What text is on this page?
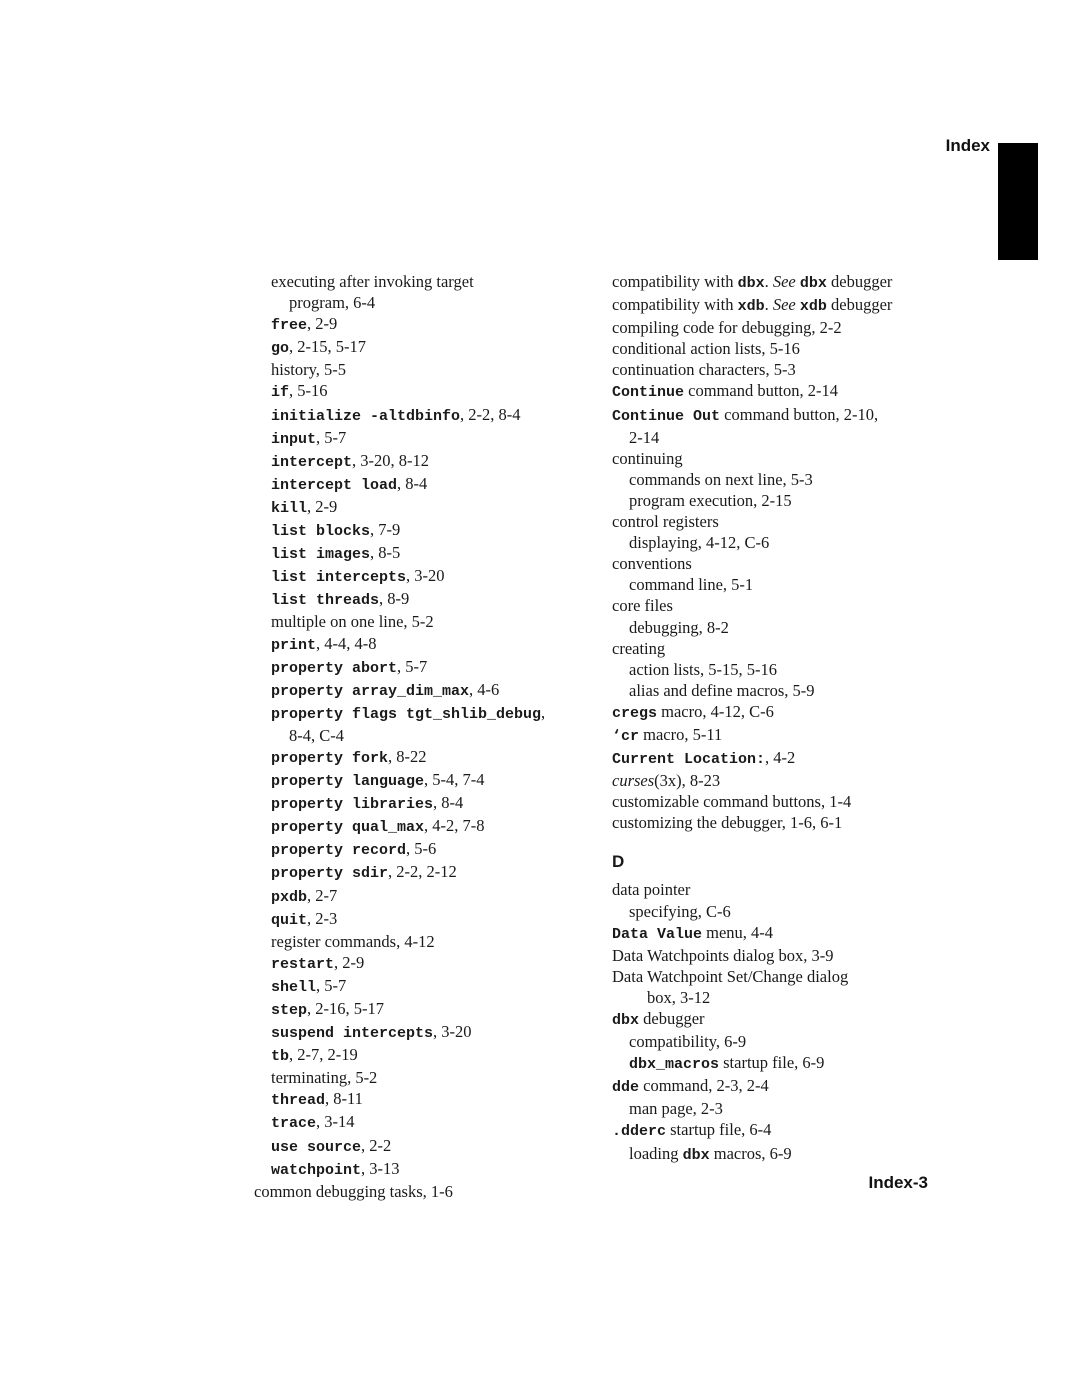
Index
executing after invoking target
program, 6-4
free, 2-9
go, 2-15, 5-17
history, 5-5
if, 5-16
initialize -altdbinfo, 2-2, 8-4
input, 5-7
intercept, 3-20, 8-12
intercept load, 8-4
kill, 2-9
list blocks, 7-9
list images, 8-5
list intercepts, 3-20
list threads, 8-9
multiple on one line, 5-2
print, 4-4, 4-8
property abort, 5-7
property array_dim_max, 4-6
property flags tgt_shlib_debug,
8-4, C-4
property fork, 8-22
property language, 5-4, 7-4
property libraries, 8-4
property qual_max, 4-2, 7-8
property record, 5-6
property sdir, 2-2, 2-12
pxdb, 2-7
quit, 2-3
register commands, 4-12
restart, 2-9
shell, 5-7
step, 2-16, 5-17
suspend intercepts, 3-20
tb, 2-7, 2-19
terminating, 5-2
thread, 8-11
trace, 3-14
use source, 2-2
watchpoint, 3-13
common debugging tasks, 1-6
compatibility with dbx. See dbx debugger
compatibility with xdb. See xdb debugger
compiling code for debugging, 2-2
conditional action lists, 5-16
continuation characters, 5-3
Continue command button, 2-14
Continue Out command button, 2-10,
2-14
continuing
commands on next line, 5-3
program execution, 2-15
control registers
displaying, 4-12, C-6
conventions
command line, 5-1
core files
debugging, 8-2
creating
action lists, 5-15, 5-16
alias and define macros, 5-9
cregs macro, 4-12, C-6
‘cr macro, 5-11
Current Location:, 4-2
curses(3x), 8-23
customizable command buttons, 1-4
customizing the debugger, 1-6, 6-1
D
data pointer
specifying, C-6
Data Value menu, 4-4
Data Watchpoints dialog box, 3-9
Data Watchpoint Set/Change dialog
box, 3-12
dbx debugger
compatibility, 6-9
dbx_macros startup file, 6-9
dde command, 2-3, 2-4
man page, 2-3
.dderc startup file, 6-4
loading dbx macros, 6-9
Index-3
